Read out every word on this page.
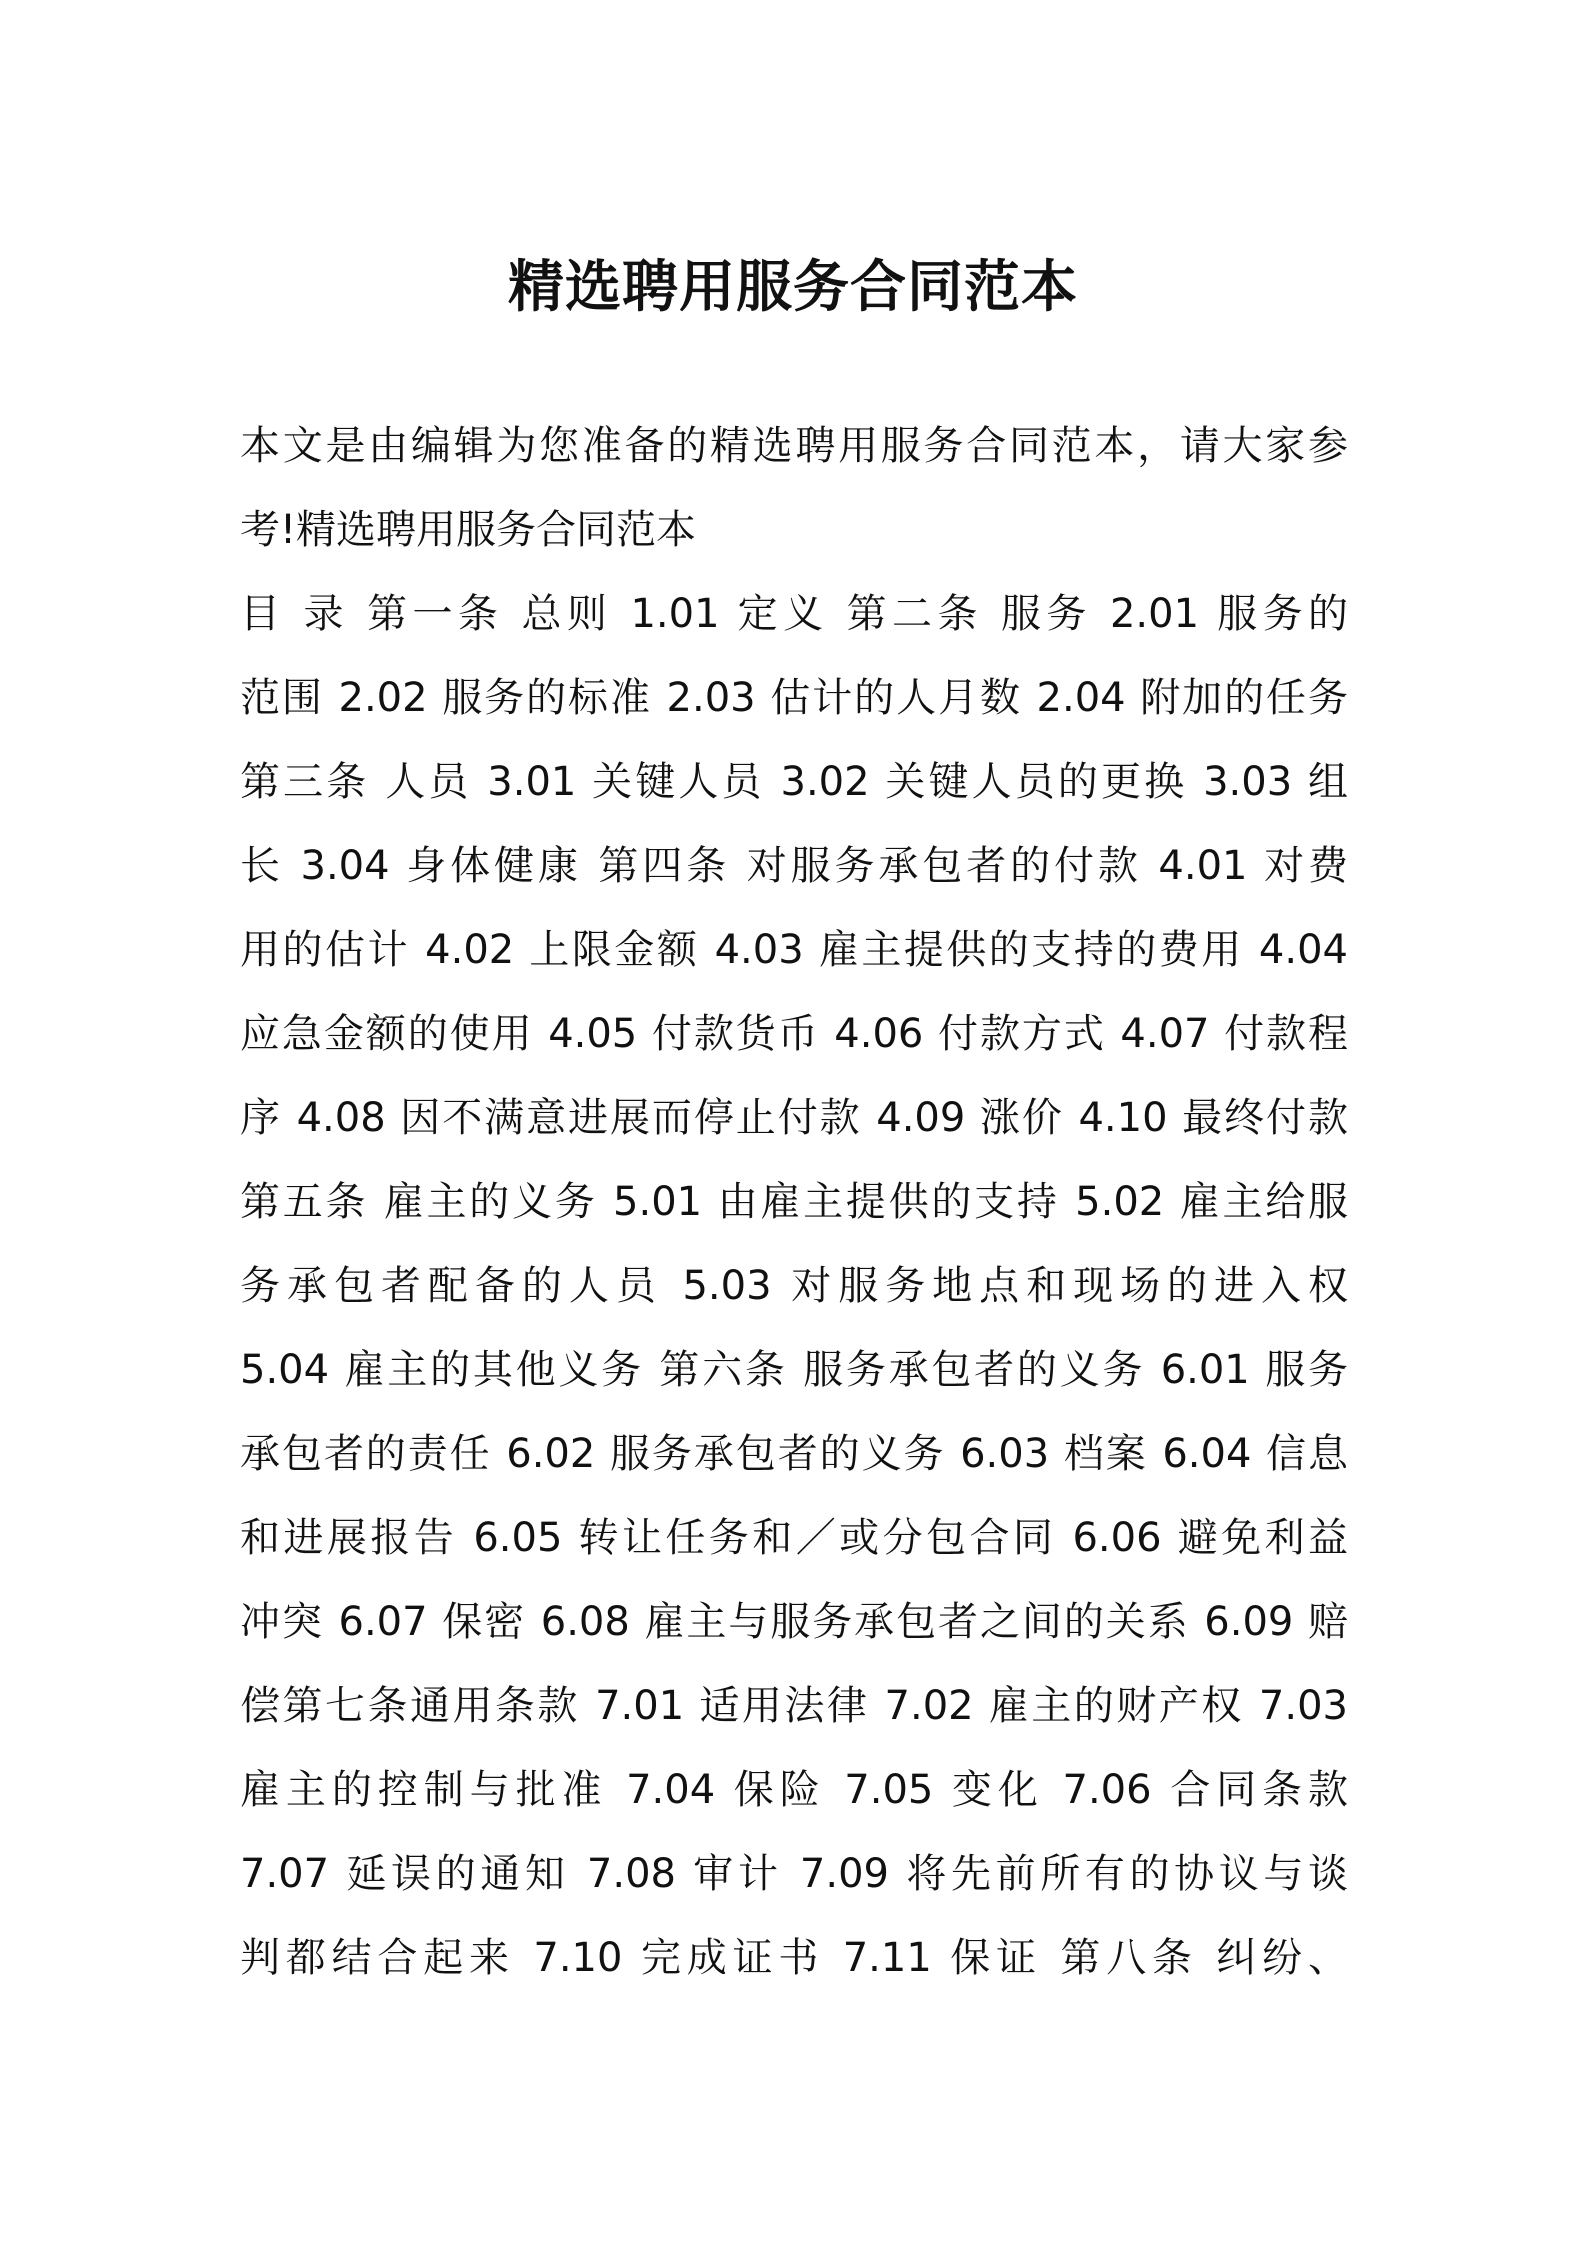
精选聘用服务合同范本
本文是由编辑为您准备的精选聘用服务合同范本，请大家参
考!精选聘用服务合同范本
目 录 第一条 总则 1.01 定义 第二条 服务 2.01 服务的
范围 2.02 服务的标准 2.03 估计的人月数 2.04 附加的任务
第三条 人员 3.01 关键人员 3.02 关键人员的更换 3.03 组
长 3.04 身体健康 第四条 对服务承包者的付款 4.01 对费
用的估计 4.02 上限金额 4.03 雇主提供的支持的费用 4.04
应急金额的使用 4.05 付款货币 4.06 付款方式 4.07 付款程
序 4.08 因不满意进展而停止付款 4.09 涨价 4.10 最终付款
第五条 雇主的义务 5.01 由雇主提供的支持 5.02 雇主给服
务承包者配备的人员 5.03 对服务地点和现场的进入权
5.04 雇主的其他义务 第六条 服务承包者的义务 6.01 服务
承包者的责任 6.02 服务承包者的义务 6.03 档案 6.04 信息
和进展报告 6.05 转让任务和／或分包合同 6.06 避免利益
冲突 6.07 保密 6.08 雇主与服务承包者之间的关系 6.09 赔
偿第七条通用条款 7.01 适用法律 7.02 雇主的财产权 7.03
雇主的控制与批准 7.04 保险 7.05 变化 7.06 合同条款
7.07 延误的通知 7.08 审计 7.09 将先前所有的协议与谈
判都结合起来 7.10 完成证书 7.11 保证 第八条 纠纷、
